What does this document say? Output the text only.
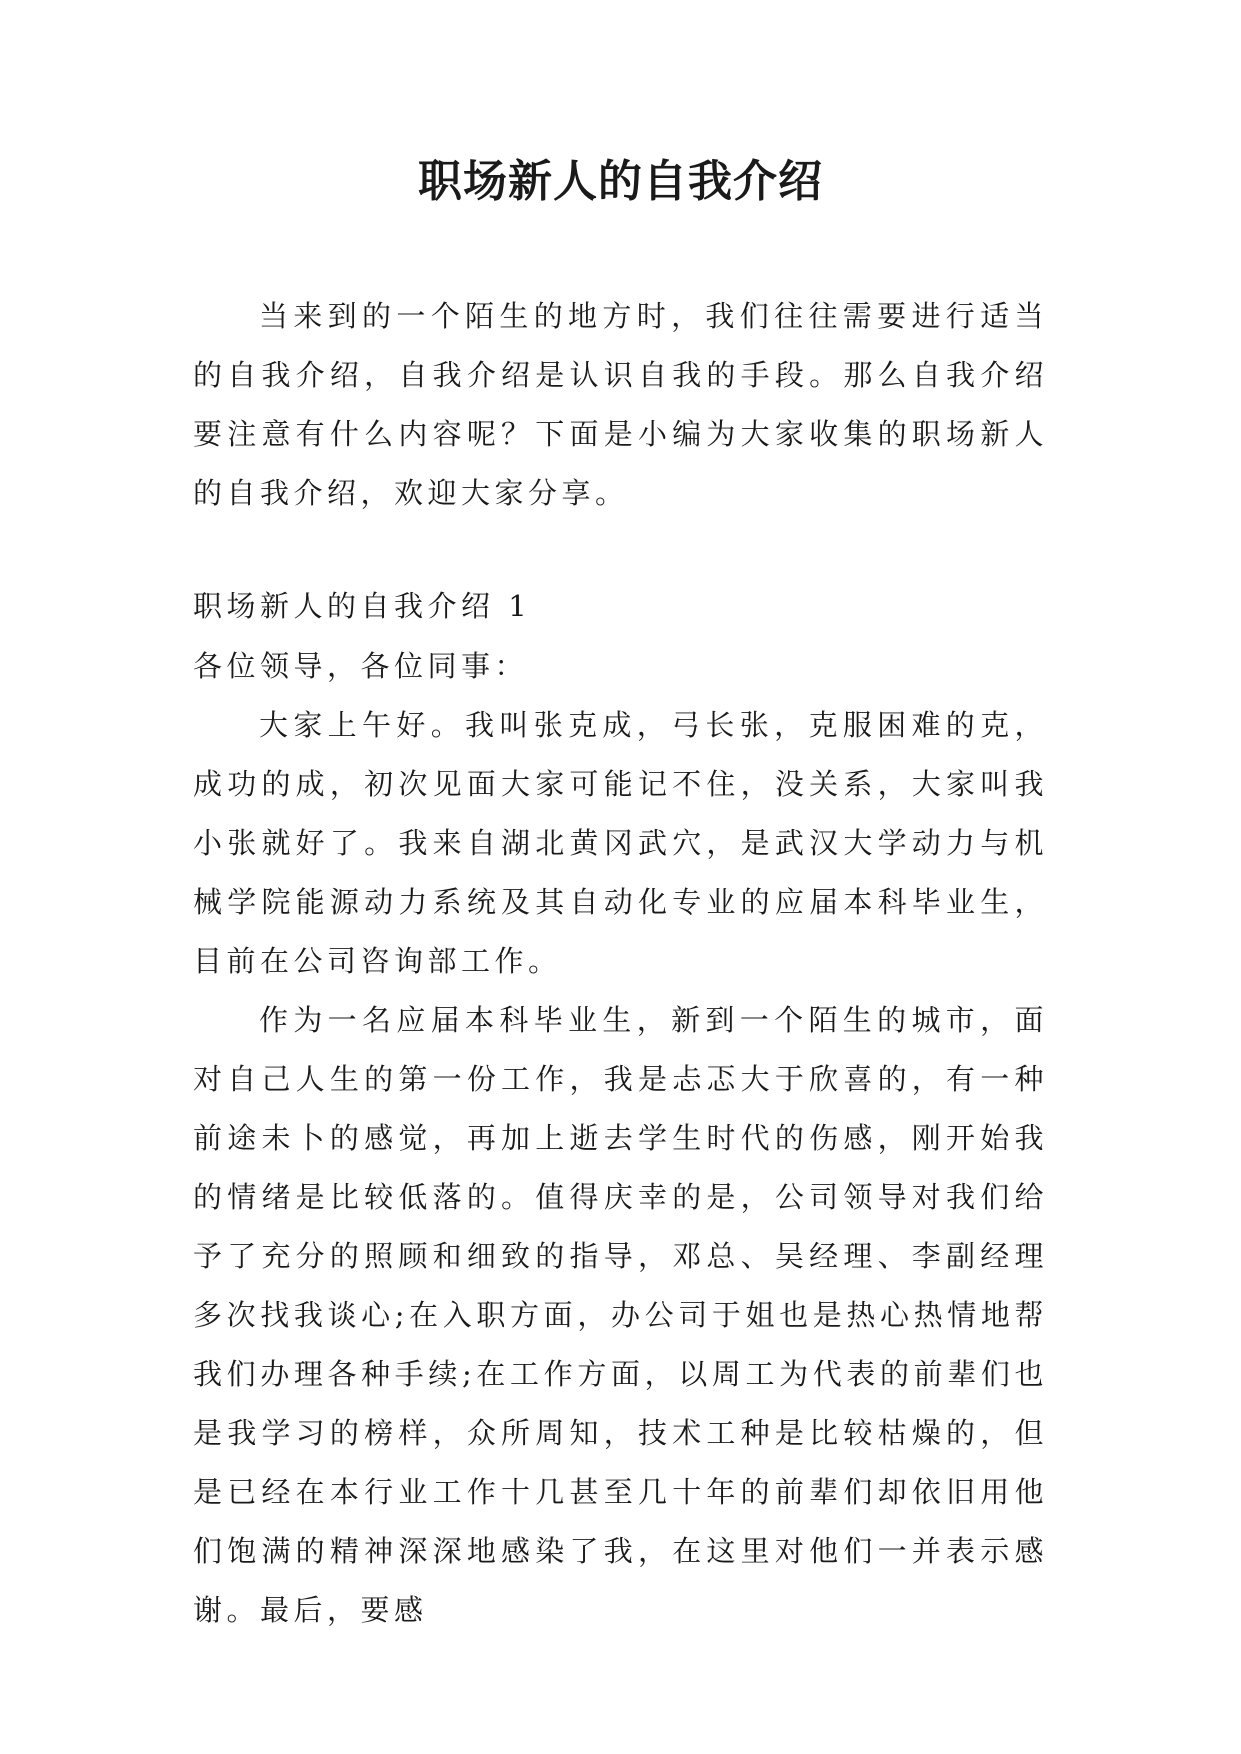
职场新人的自我介绍

当来到的一个陌生的地方时，我们往往需要进行适当的自我介绍，自我介绍是认识自我的手段。那么自我介绍要注意有什么内容呢？下面是小编为大家收集的职场新人的自我介绍，欢迎大家分享。

职场新人的自我介绍 1

各位领导，各位同事：

大家上午好。我叫张克成，弓长张，克服困难的克，成功的成，初次见面大家可能记不住，没关系，大家叫我小张就好了。我来自湖北黄冈武穴，是武汉大学动力与机械学院能源动力系统及其自动化专业的应届本科毕业生，目前在公司咨询部工作。

作为一名应届本科毕业生，新到一个陌生的城市，面对自己人生的第一份工作，我是忐忑大于欣喜的，有一种前途未卜的感觉，再加上逝去学生时代的伤感，刚开始我的情绪是比较低落的。值得庆幸的是，公司领导对我们给予了充分的照顾和细致的指导，邓总、吴经理、李副经理多次找我谈心;在入职方面，办公司于姐也是热心热情地帮我们办理各种手续;在工作方面，以周工为代表的前辈们也是我学习的榜样，众所周知，技术工种是比较枯燥的，但是已经在本行业工作十几甚至几十年的前辈们却依旧用他们饱满的精神深深地感染了我，在这里对他们一并表示感谢。最后，要感
